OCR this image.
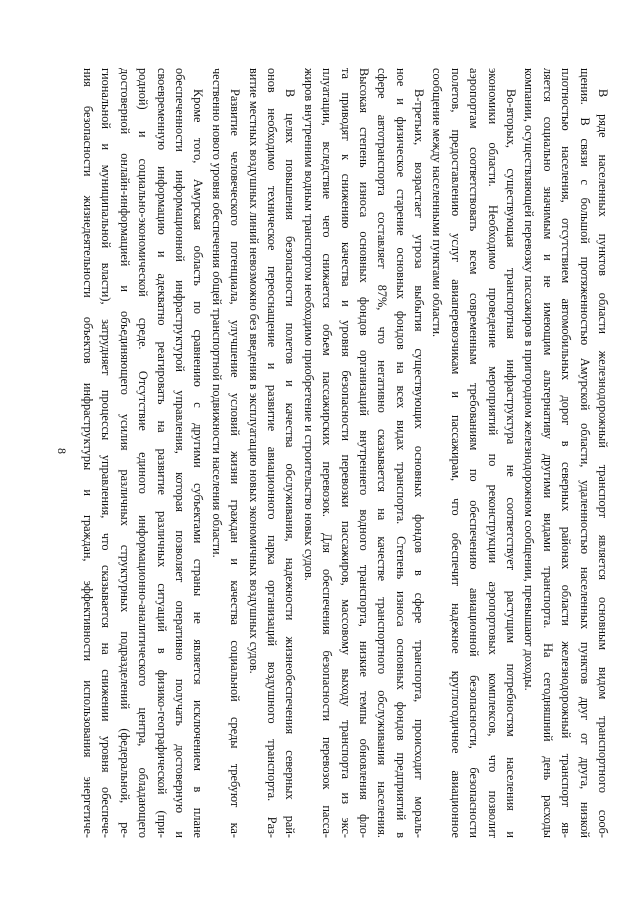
8	В ряде населенных пунктов области железнодорожный транспорт является основным видом транспортного сооб-
щения. В связи с большой протяженностью Амурской области, удаленностью населенных пунктов друг от друга, низкой
плотностью населения, отсутствием автомобильных дорог в северных районах области железнодорожный транспорт яв-
ляется социально значимым и не имеющим альтернативу другими видами транспорта. На сегодняшний день расходы
компании, осуществляющей перевозку пассажиров в пригородном железнодорожном сообщении, превышают доходы.
Во-вторых, существующая транспортная инфраструктура не соответствует растущим потребностям населения и
экономики области. Необходимо проведение мероприятий по реконструкции аэропортовых комплексов, что позволит
аэропортам соответствовать всем современным требованиям по обеспечению авиационной безопасности, безопасности
полетов, предоставлению услуг авиаперевозчикам и пассажирам, что обеспечит надежное круглогодичное авиационное
сообщение между населенными пунктами области.
В-третьих, возрастает угроза выбытия существующих основных фондов в сфере транспорта, происходит мораль-
ное и физическое старение основных фондов на всех видах транспорта. Степень износа основных фондов предприятий в
сфере автотранспорта составляет 87%, что негативно сказывается на качестве транспортного обслуживания населения.
Высокая степень износа основных фондов организаций внутреннего водного транспорта, низкие темпы обновления фло-
та приводят к снижению качества и уровня безопасности перевозки пассажиров, массовому выходу транспорта из экс-
плуатации, вследствие чего снижается объем пассажирских перевозок. Для обеспечения безопасности перевозок пасса-
жиров внутренним водным транспортом необходимо приобретение и строительство новых судов.
В целях повышения безопасности полетов и качества обслуживания, надежности жизнеобеспечения северных рай-
онов необходимо техническое переоснащение и развитие авиационного парка организаций воздушного транспорта. Раз-
витие местных воздушных линий невозможно без введения в эксплуатацию новых экономичных воздушных судов.
Развитие человеческого потенциала, улучшение условий жизни граждан и качества социальной среды требуют ка-
чественно нового уровня обеспечения общей транспортной подвижности населения области.
Кроме того, Амурская область по сравнению с другими субъектами страны не является исключением в плане
обеспеченности информационной инфраструктурой управления, которая позволяет оперативно получать достоверную и
своевременную информацию и адекватно реагировать на развитие различных ситуаций в физико-географической (при-
родной) и социально-экономической среде. Отсутствие единого информационно-аналитического центра, обладающего
достоверной онлайн-информацией и объединяющего усилия различных структурных подразделений (федеральной, ре-
гиональной и муниципальной власти), затрудняет процессы управления, что сказывается на снижении уровня обеспече-
ния безопасности жизнедеятельности объектов инфраструктуры и граждан, эффективности использования энергетиче-
